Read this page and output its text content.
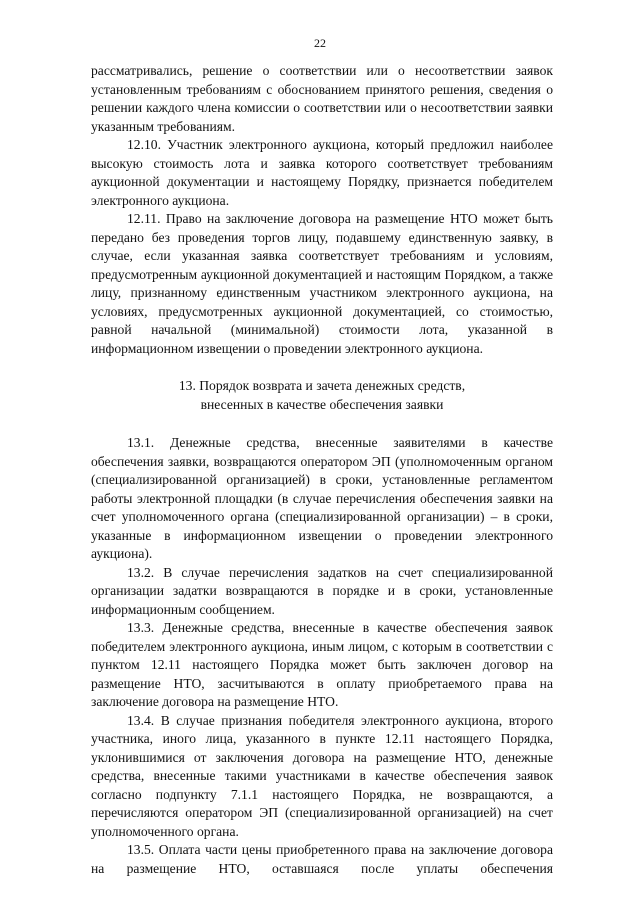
22

рассматривались, решение о соответствии или о несоответствии заявок установленным требованиям с обоснованием принятого решения, сведения о решении каждого члена комиссии о соответствии или о несоответствии заявки указанным требованиям.

12.10. Участник электронного аукциона, который предложил наиболее высокую стоимость лота и заявка которого соответствует требованиям аукционной документации и настоящему Порядку, признается победителем электронного аукциона.

12.11. Право на заключение договора на размещение НТО может быть передано без проведения торгов лицу, подавшему единственную заявку, в случае, если указанная заявка соответствует требованиям и условиям, предусмотренным аукционной документацией и настоящим Порядком, а также лицу, признанному единственным участником электронного аукциона, на условиях, предусмотренных аукционной документацией, со стоимостью, равной начальной (минимальной) стоимости лота, указанной в информационном извещении о проведении электронного аукциона.

13. Порядок возврата и зачета денежных средств,
внесенных в качестве обеспечения заявки

13.1. Денежные средства, внесенные заявителями в качестве обеспечения заявки, возвращаются оператором ЭП (уполномоченным органом (специализированной организацией) в сроки, установленные регламентом работы электронной площадки (в случае перечисления обеспечения заявки на счет уполномоченного органа (специализированной организации) – в сроки, указанные в информационном извещении о проведении электронного аукциона).

13.2. В случае перечисления задатков на счет специализированной организации задатки возвращаются в порядке и в сроки, установленные информационным сообщением.

13.3. Денежные средства, внесенные в качестве обеспечения заявок победителем электронного аукциона, иным лицом, с которым в соответствии с пунктом 12.11 настоящего Порядка может быть заключен договор на размещение НТО, засчитываются в оплату приобретаемого права на заключение договора на размещение НТО.

13.4. В случае признания победителя электронного аукциона, второго участника, иного лица, указанного в пункте 12.11 настоящего Порядка, уклонившимися от заключения договора на размещение НТО, денежные средства, внесенные такими участниками в качестве обеспечения заявок согласно подпункту 7.1.1 настоящего Порядка, не возвращаются, а перечисляются оператором ЭП (специализированной организацией) на счет уполномоченного органа.

13.5. Оплата части цены приобретенного права на заключение договора на размещение НТО, оставшаяся после уплаты обеспечения
